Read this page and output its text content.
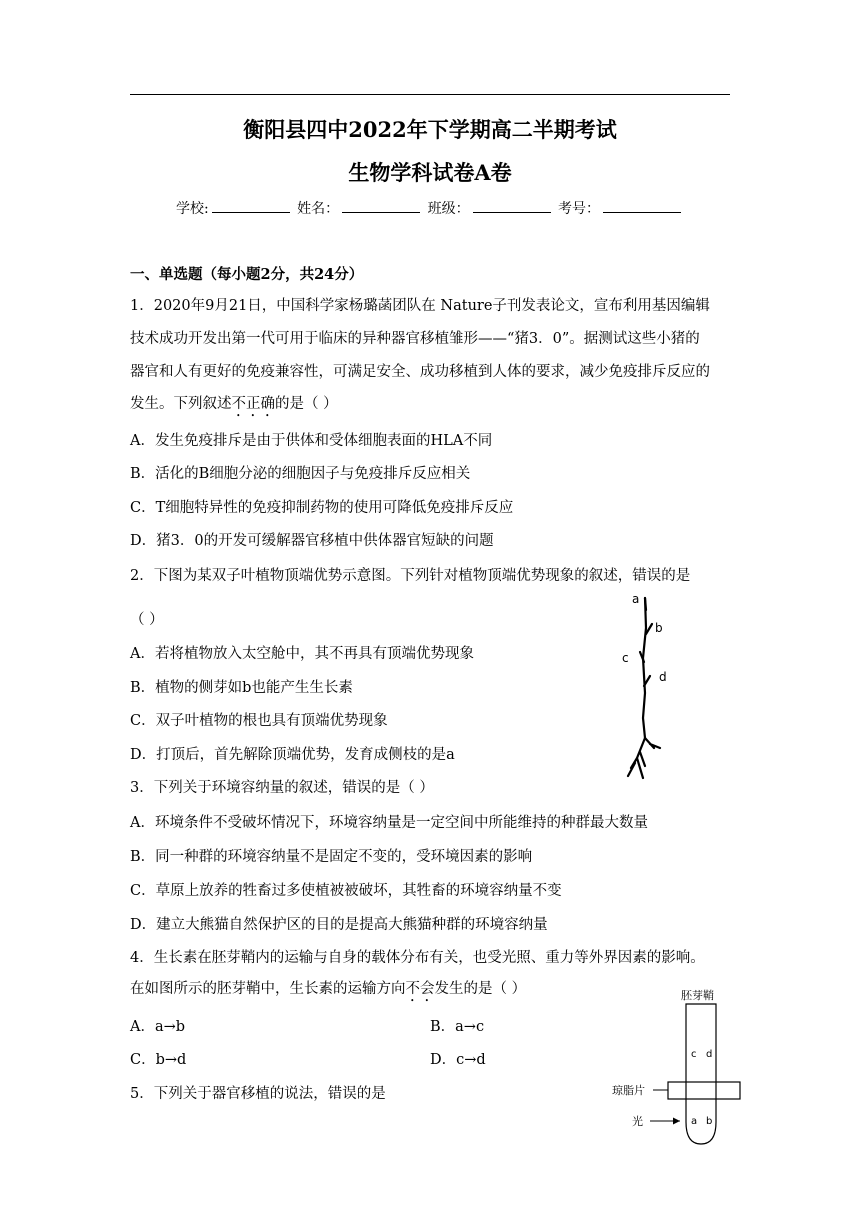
衡阳县四中2022年下学期高二半期考试
生物学科试卷A卷
学校:	姓名：	班级：	考号：
一、单选题（每小题2分，共24分）
1．2020年9月21日，中国科学家杨璐菡团队在 Nature子刊发表论文，宣布利用基因编辑
技术成功开发出第一代可用于临床的异种器官移植雏形——“猪3．0”。据测试这些小猪的
器官和人有更好的免疫兼容性，可满足安全、成功移植到人体的要求，减少免疫排斥反应的
发生。下列叙述不正确的是（ ）
A．发生免疫排斥是由于供体和受体细胞表面的HLA不同
B．活化的B细胞分泌的细胞因子与免疫排斥反应相关
C．T细胞特异性的免疫抑制药物的使用可降低免疫排斥反应
D．猪3．0的开发可缓解器官移植中供体器官短缺的问题
2．下图为某双子叶植物顶端优势示意图。下列针对植物顶端优势现象的叙述，错误的是
（ ）
A．若将植物放入太空舱中，其不再具有顶端优势现象
B．植物的侧芽如b也能产生生长素
C．双子叶植物的根也具有顶端优势现象
D．打顶后，首先解除顶端优势，发育成侧枝的是a
a
b
c
d
3．下列关于环境容纳量的叙述，错误的是（ ）
A．环境条件不受破坏情况下，环境容纳量是一定空间中所能维持的种群最大数量
B．同一种群的环境容纳量不是固定不变的，受环境因素的影响
C．草原上放养的牲畜过多使植被被破坏，其牲畜的环境容纳量不变
D．建立大熊猫自然保护区的目的是提高大熊猫种群的环境容纳量
4．生长素在胚芽鞘内的运输与自身的载体分布有关，也受光照、重力等外界因素的影响。
在如图所示的胚芽鞘中，生长素的运输方向不会发生的是（ ）
A．a→b	B．a→c
C．b→d	D．c→d
胚芽鞘
琼脂片
光
c d
a b
5．下列关于器官移植的说法，错误的是
